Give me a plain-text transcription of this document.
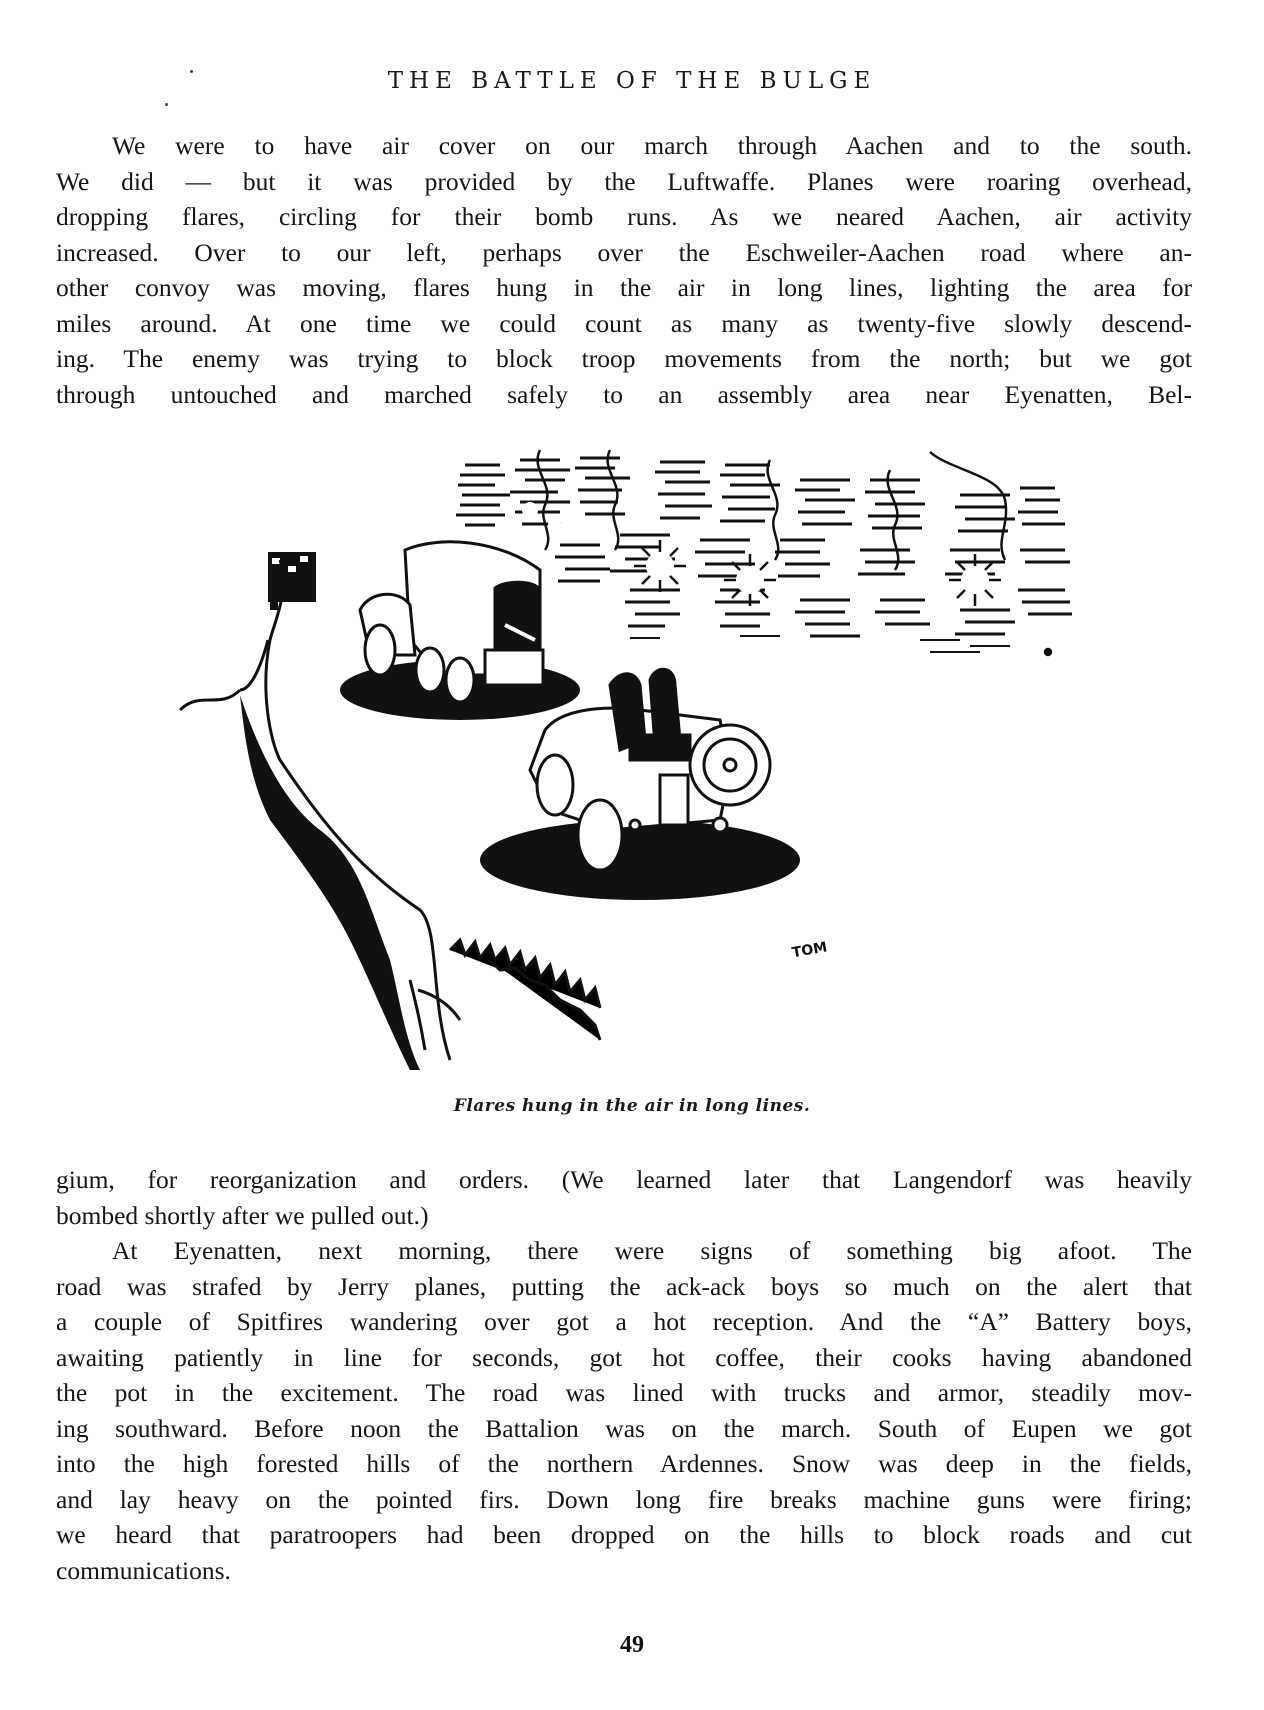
THE BATTLE OF THE BULGE
We were to have air cover on our march through Aachen and to the south.
We did — but it was provided by the Luftwaffe. Planes were roaring overhead,
dropping flares, circling for their bomb runs. As we neared Aachen, air activity
increased. Over to our left, perhaps over the Eschweiler-Aachen road where an-
other convoy was moving, flares hung in the air in long lines, lighting the area for
miles around. At one time we could count as many as twenty-five slowly descend-
ing. The enemy was trying to block troop movements from the north; but we got
through untouched and marched safely to an assembly area near Eyenatten, Bel-
TOM
Flares hung in the air in long lines.
gium, for reorganization and orders. (We learned later that Langendorf was heavily
bombed shortly after we pulled out.)
At Eyenatten, next morning, there were signs of something big afoot. The
road was strafed by Jerry planes, putting the ack-ack boys so much on the alert that
a couple of Spitfires wandering over got a hot reception. And the “A” Battery boys,
awaiting patiently in line for seconds, got hot coffee, their cooks having abandoned
the pot in the excitement. The road was lined with trucks and armor, steadily mov-
ing southward. Before noon the Battalion was on the march. South of Eupen we got
into the high forested hills of the northern Ardennes. Snow was deep in the fields,
and lay heavy on the pointed firs. Down long fire breaks machine guns were firing;
we heard that paratroopers had been dropped on the hills to block roads and cut
communications.
49
